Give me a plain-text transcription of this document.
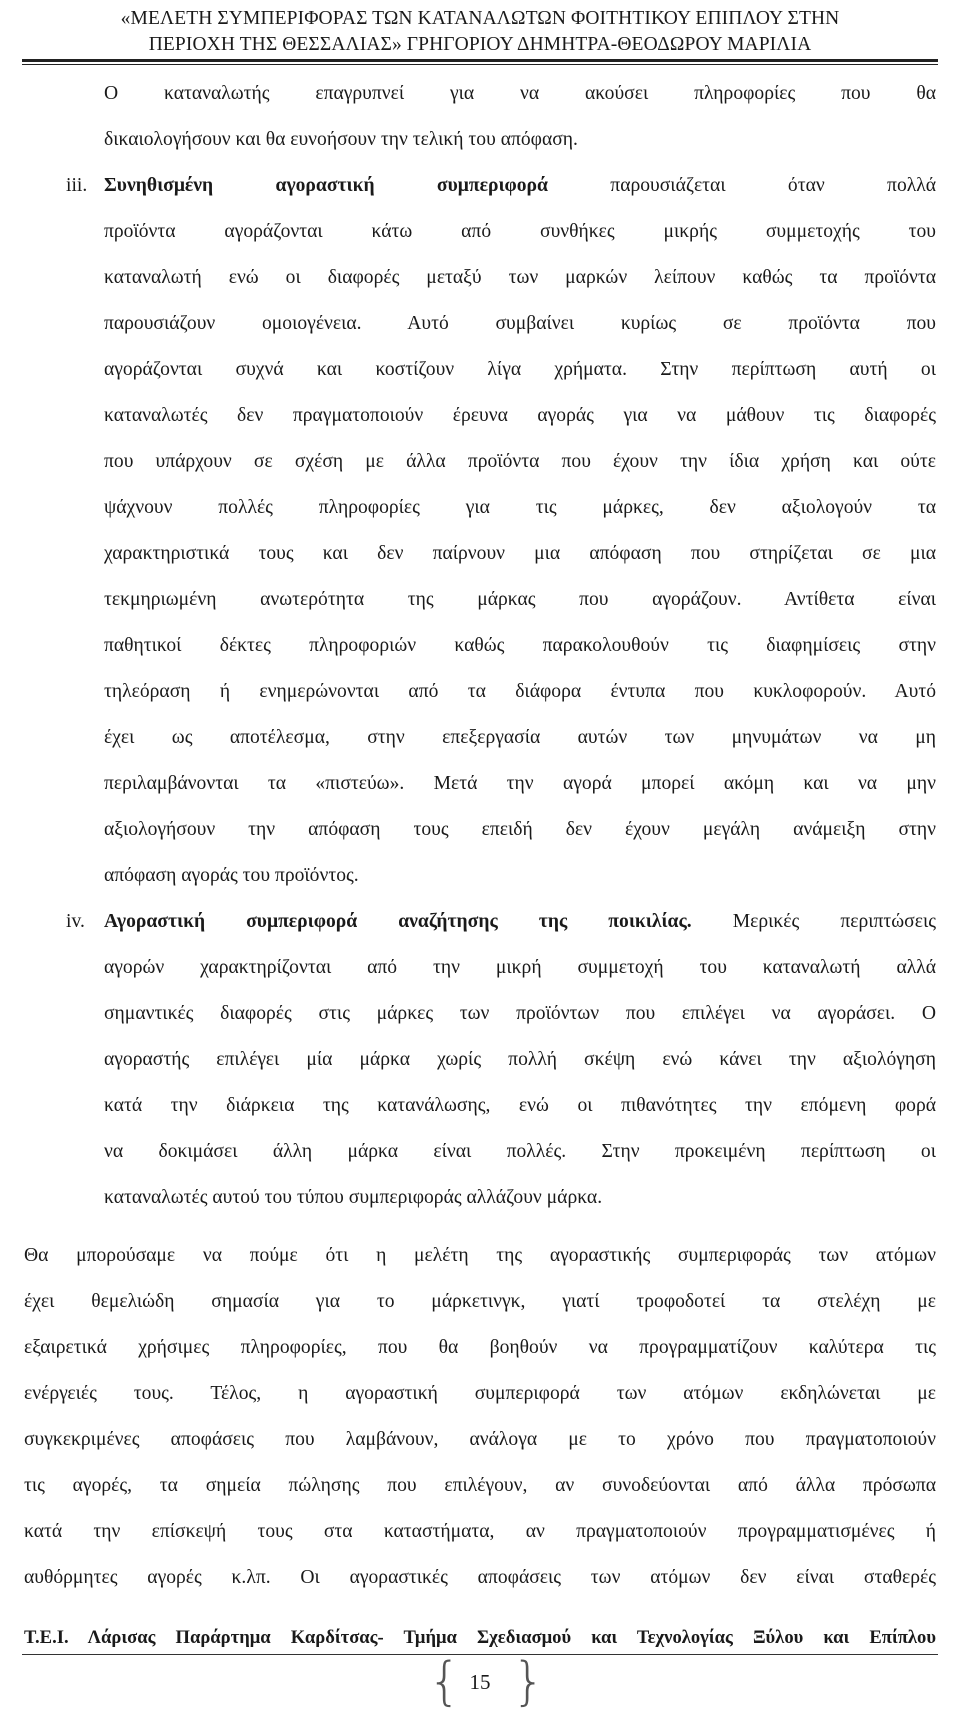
«ΜΕΛΕΤΗ ΣΥΜΠΕΡΙΦΟΡΑΣ ΤΩΝ ΚΑΤΑΝΑΛΩΤΩΝ ΦΟΙΤΗΤΙΚΟΥ ΕΠΙΠΛΟΥ ΣΤΗΝ
ΠΕΡΙΟΧΗ ΤΗΣ ΘΕΣΣΑΛΙΑΣ» ΓΡΗΓΟΡΙΟΥ ΔΗΜΗΤΡΑ-ΘΕΟΔΩΡΟΥ ΜΑΡΙΛΙΑ
Ο καταναλωτής επαγρυπνεί για να ακούσει πληροφορίες που θα
δικαιολογήσουν και θα ευνοήσουν την τελική του απόφαση.
iii. Συνηθισμένη αγοραστική συμπεριφορά παρουσιάζεται όταν πολλά
προϊόντα αγοράζονται κάτω από συνθήκες μικρής συμμετοχής του
καταναλωτή ενώ οι διαφορές μεταξύ των μαρκών λείπουν καθώς τα προϊόντα
παρουσιάζουν ομοιογένεια. Αυτό συμβαίνει κυρίως σε προϊόντα που
αγοράζονται συχνά και κοστίζουν λίγα χρήματα. Στην περίπτωση αυτή οι
καταναλωτές δεν πραγματοποιούν έρευνα αγοράς για να μάθουν τις διαφορές
που υπάρχουν σε σχέση με άλλα προϊόντα που έχουν την ίδια χρήση και ούτε
ψάχνουν πολλές πληροφορίες για τις μάρκες, δεν αξιολογούν τα
χαρακτηριστικά τους και δεν παίρνουν μια απόφαση που στηρίζεται σε μια
τεκμηριωμένη ανωτερότητα της μάρκας που αγοράζουν. Αντίθετα είναι
παθητικοί δέκτες πληροφοριών καθώς παρακολουθούν τις διαφημίσεις στην
τηλεόραση ή ενημερώνονται από τα διάφορα έντυπα που κυκλοφορούν. Αυτό
έχει ως αποτέλεσμα, στην επεξεργασία αυτών των μηνυμάτων να μη
περιλαμβάνονται τα «πιστεύω». Μετά την αγορά μπορεί ακόμη και να μην
αξιολογήσουν την απόφαση τους επειδή δεν έχουν μεγάλη ανάμειξη στην
απόφαση αγοράς του προϊόντος.
iv. Αγοραστική συμπεριφορά αναζήτησης της ποικιλίας. Μερικές περιπτώσεις
αγορών χαρακτηρίζονται από την μικρή συμμετοχή του καταναλωτή αλλά
σημαντικές διαφορές στις μάρκες των προϊόντων που επιλέγει να αγοράσει. Ο
αγοραστής επιλέγει μία μάρκα χωρίς πολλή σκέψη ενώ κάνει την αξιολόγηση
κατά την διάρκεια της κατανάλωσης, ενώ οι πιθανότητες την επόμενη φορά
να δοκιμάσει άλλη μάρκα είναι πολλές. Στην προκειμένη περίπτωση οι
καταναλωτές αυτού του τύπου συμπεριφοράς αλλάζουν μάρκα.
Θα μπορούσαμε να πούμε ότι η μελέτη της αγοραστικής συμπεριφοράς των ατόμων
έχει θεμελιώδη σημασία για το μάρκετινγκ, γιατί τροφοδοτεί τα στελέχη με
εξαιρετικά χρήσιμες πληροφορίες, που θα βοηθούν να προγραμματίζουν καλύτερα τις
ενέργειές τους. Τέλος, η αγοραστική συμπεριφορά των ατόμων εκδηλώνεται με
συγκεκριμένες αποφάσεις που λαμβάνουν, ανάλογα με το χρόνο που πραγματοποιούν
τις αγορές, τα σημεία πώλησης που επιλέγουν, αν συνοδεύονται από άλλα πρόσωπα
κατά την επίσκεψή τους στα καταστήματα, αν πραγματοποιούν προγραμματισμένες ή
αυθόρμητες αγορές κ.λπ. Οι αγοραστικές αποφάσεις των ατόμων δεν είναι σταθερές
Τ.Ε.Ι. Λάρισας Παράρτημα Καρδίτσας- Τμήμα Σχεδιασμού και Τεχνολογίας Ξύλου και Επίπλου
{ }
15
